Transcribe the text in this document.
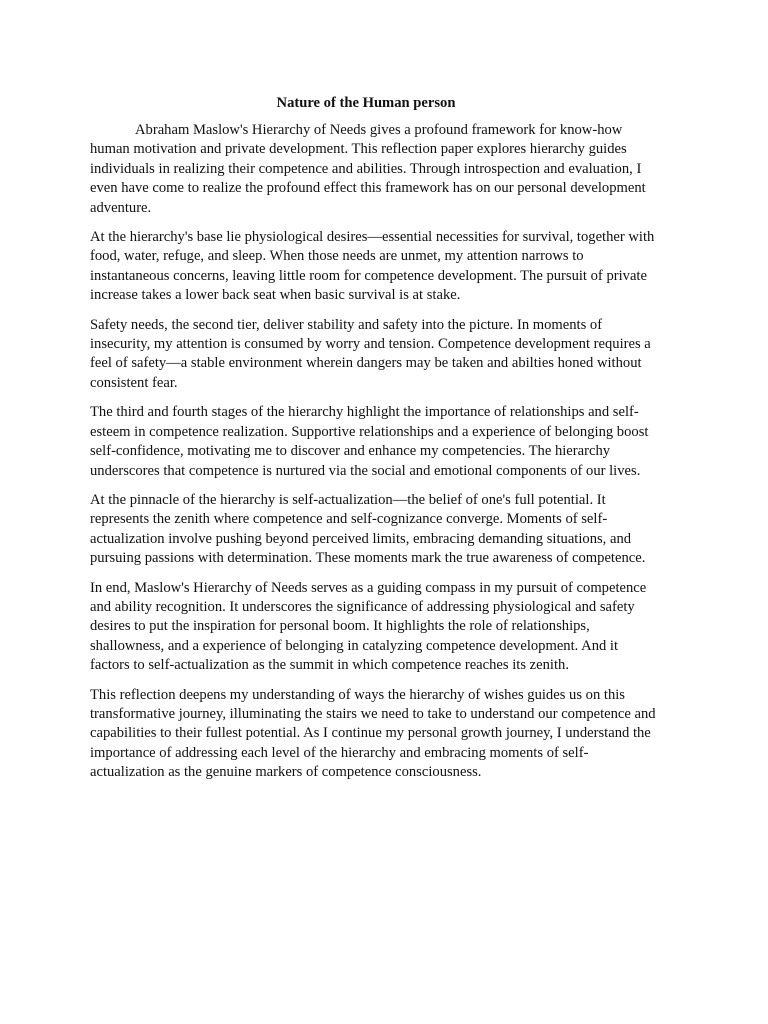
Nature of the Human person

Abraham Maslow's Hierarchy of Needs gives a profound framework for know-how
human motivation and private development. This reflection paper explores hierarchy guides
individuals in realizing their competence and abilities. Through introspection and evaluation, I
even have come to realize the profound effect this framework has on our personal development
adventure.

At the hierarchy's base lie physiological desires—essential necessities for survival, together with
food, water, refuge, and sleep. When those needs are unmet, my attention narrows to
instantaneous concerns, leaving little room for competence development. The pursuit of private
increase takes a lower back seat when basic survival is at stake.

Safety needs, the second tier, deliver stability and safety into the picture. In moments of
insecurity, my attention is consumed by worry and tension. Competence development requires a
feel of safety—a stable environment wherein dangers may be taken and abilties honed without
consistent fear.

The third and fourth stages of the hierarchy highlight the importance of relationships and self-
esteem in competence realization. Supportive relationships and a experience of belonging boost
self-confidence, motivating me to discover and enhance my competencies. The hierarchy
underscores that competence is nurtured via the social and emotional components of our lives.

At the pinnacle of the hierarchy is self-actualization—the belief of one's full potential. It
represents the zenith where competence and self-cognizance converge. Moments of self-
actualization involve pushing beyond perceived limits, embracing demanding situations, and
pursuing passions with determination. These moments mark the true awareness of competence.

In end, Maslow's Hierarchy of Needs serves as a guiding compass in my pursuit of competence
and ability recognition. It underscores the significance of addressing physiological and safety
desires to put the inspiration for personal boom. It highlights the role of relationships,
shallowness, and a experience of belonging in catalyzing competence development. And it
factors to self-actualization as the summit in which competence reaches its zenith.

This reflection deepens my understanding of ways the hierarchy of wishes guides us on this
transformative journey, illuminating the stairs we need to take to understand our competence and
capabilities to their fullest potential. As I continue my personal growth journey, I understand the
importance of addressing each level of the hierarchy and embracing moments of self-
actualization as the genuine markers of competence consciousness.
